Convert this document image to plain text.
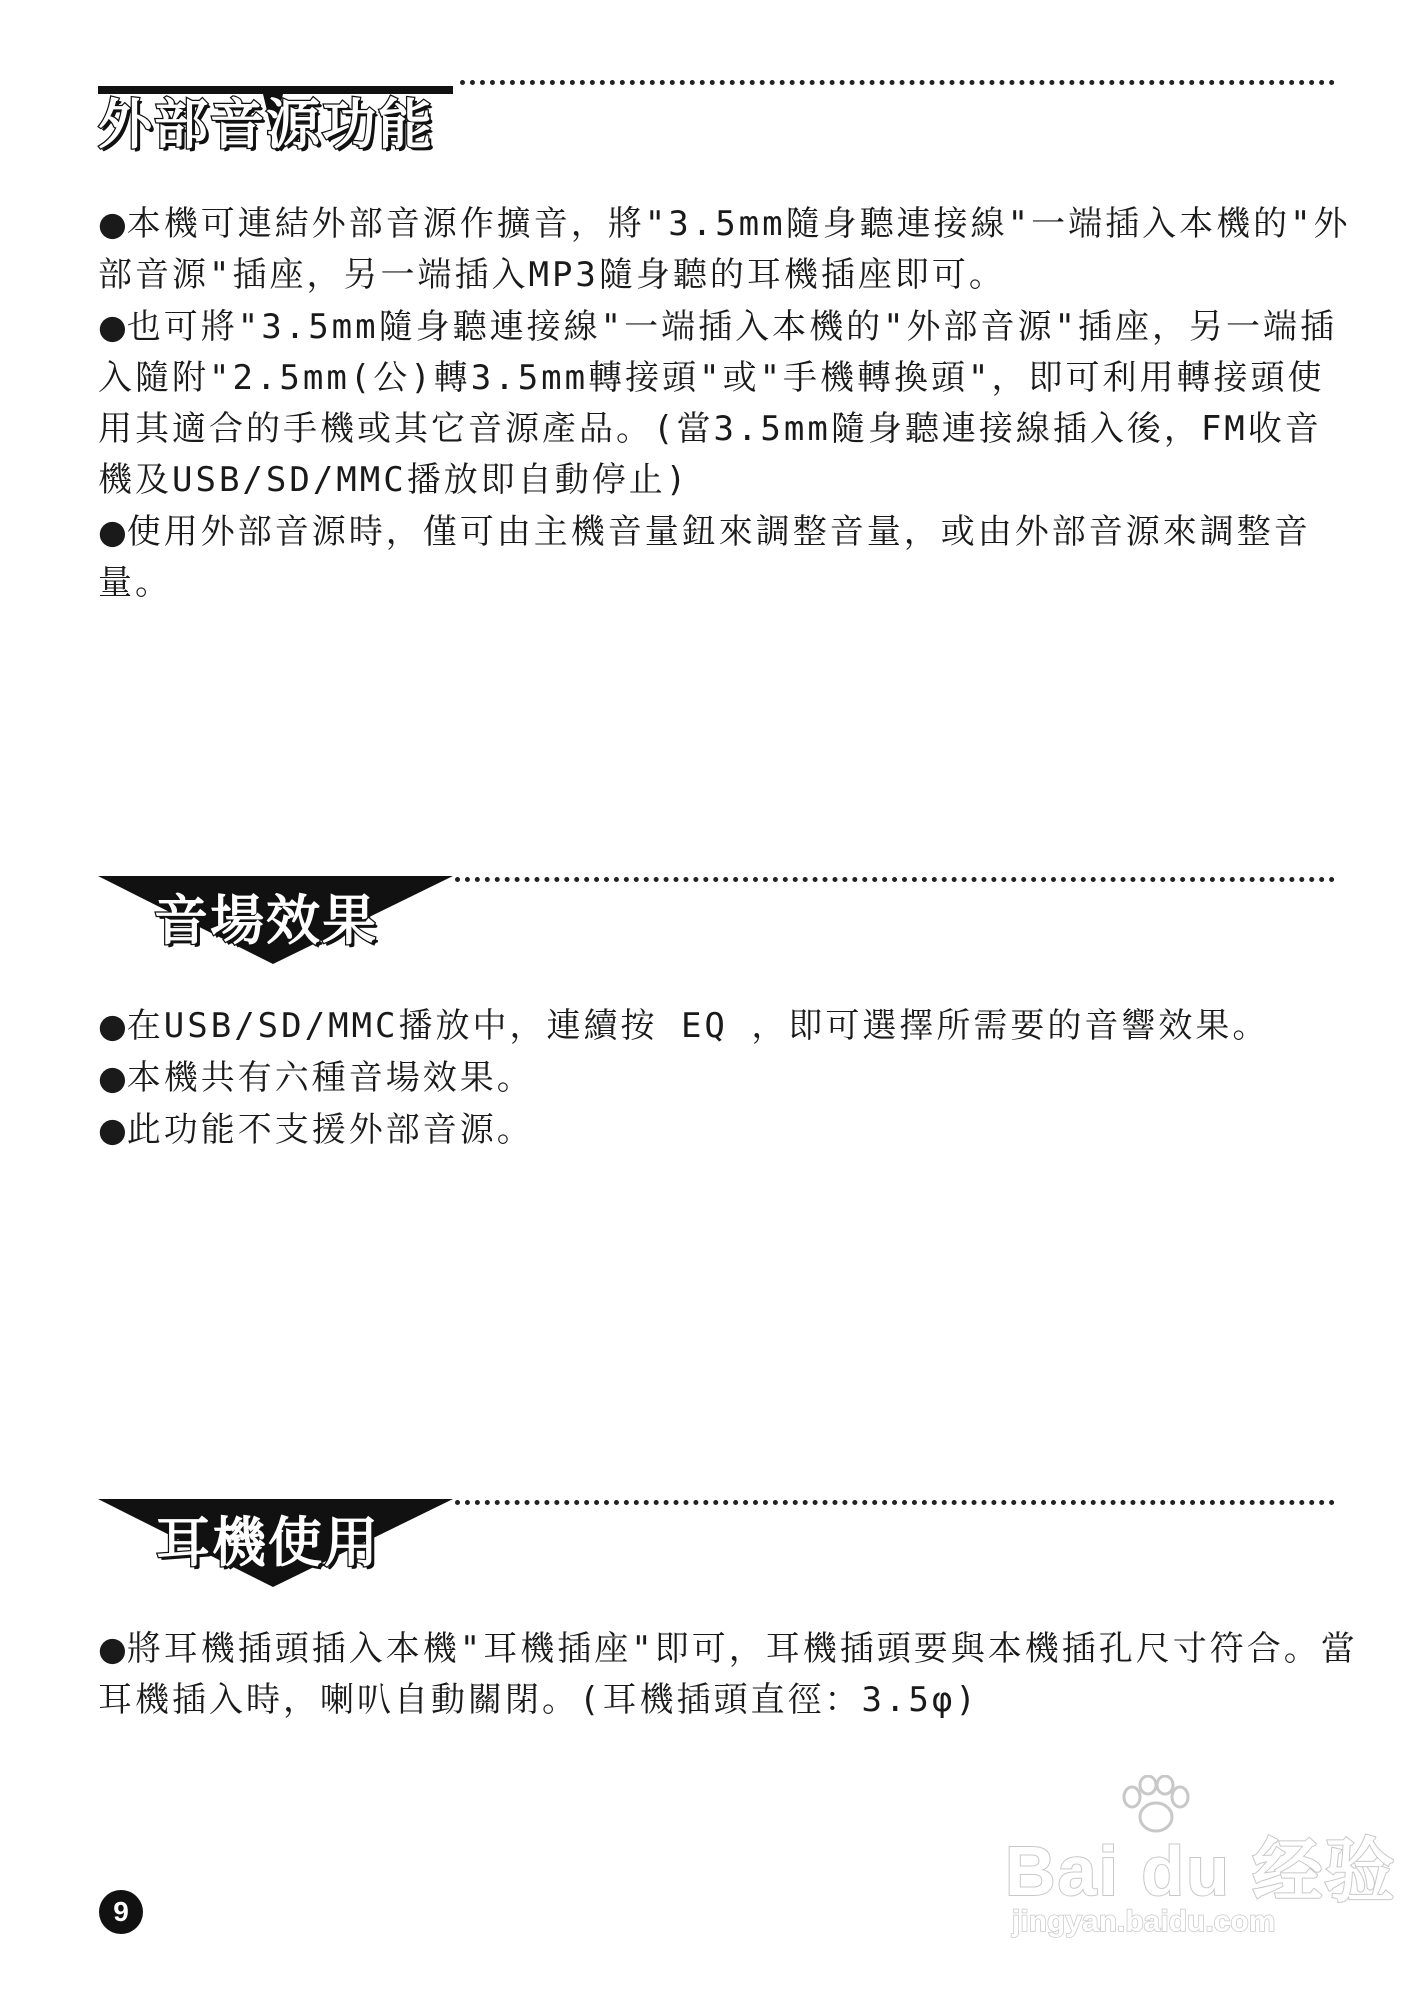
外部音源功能

●本機可連結外部音源作擴音，將"3.5mm隨身聽連接線"一端插入本機的"外部音源"插座，另一端插入MP3隨身聽的耳機插座即可。

●也可將"3.5mm隨身聽連接線"一端插入本機的"外部音源"插座，另一端插入隨附"2.5mm(公)轉3.5mm轉接頭"或"手機轉換頭"，即可利用轉接頭使用其適合的手機或其它音源產品。(當3.5mm隨身聽連接線插入後，FM收音機及USB/SD/MMC播放即自動停止)

●使用外部音源時，僅可由主機音量鈕來調整音量，或由外部音源來調整音量。

音場效果

●在USB/SD/MMC播放中，連續按 EQ ，即可選擇所需要的音響效果。

●本機共有六種音場效果。

●此功能不支援外部音源。

耳機使用

●將耳機插頭插入本機"耳機插座"即可，耳機插頭要與本機插孔尺寸符合。當耳機插入時，喇叭自動關閉。(耳機插頭直徑：3.5φ)

9
Bai du 经验
jingyan.baidu.com
